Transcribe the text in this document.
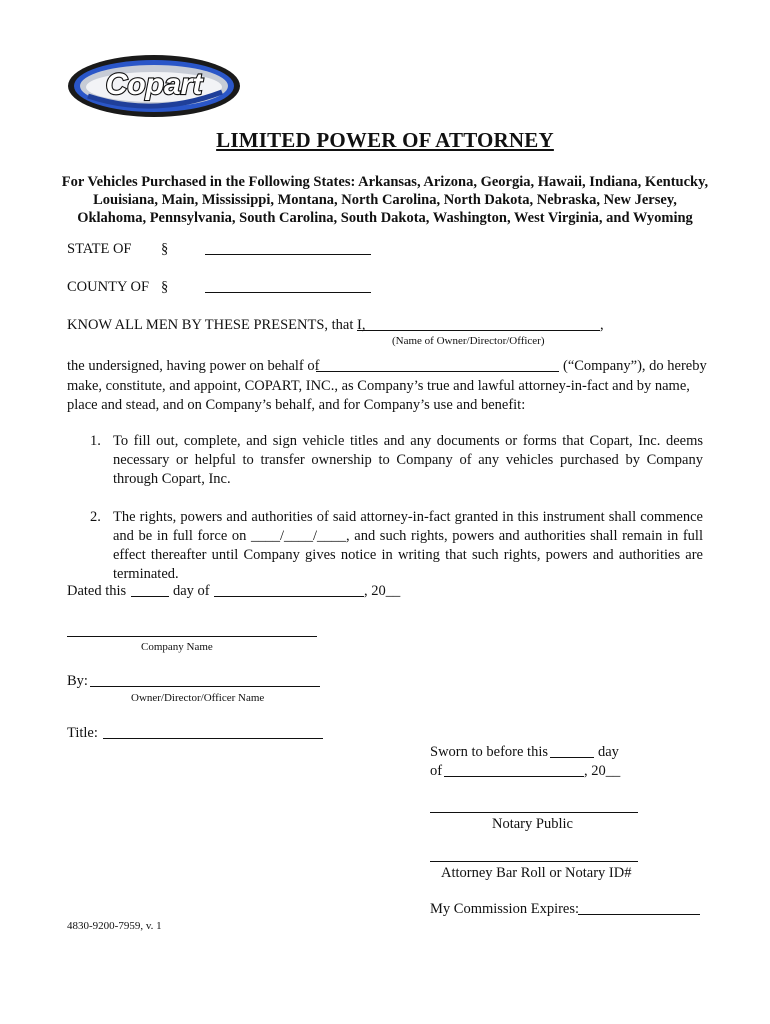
Copart
LIMITED POWER OF ATTORNEY
For Vehicles Purchased in the Following States: Arkansas, Arizona, Georgia, Hawaii, Indiana, Kentucky, Louisiana, Main, Mississippi, Montana, North Carolina, North Dakota, Nebraska, New Jersey, Oklahoma, Pennsylvania, South Carolina, South Dakota, Washington, West Virginia, and Wyoming
STATE OF §
COUNTY OF §
KNOW ALL MEN BY THESE PRESENTS, that I,	,
(Name of Owner/Director/Officer)
the undersigned, having power on behalf of	(“Company”), do hereby
make, constitute, and appoint, COPART, INC., as Company’s true and lawful attorney-in-fact and by name, place and stead, and on Company’s behalf, and for Company’s use and benefit:
1. To fill out, complete, and sign vehicle titles and any documents or forms that Copart, Inc. deems necessary or helpful to transfer ownership to Company of any vehicles purchased by Company through Copart, Inc.
2. The rights, powers and authorities of said attorney-in-fact granted in this instrument shall commence and be in full force on ____/____/____, and such rights, powers and authorities shall remain in full effect thereafter until Company gives notice in writing that such rights, powers and authorities are terminated.
Dated this	day of	, 20__
Company Name
By:
Owner/Director/Officer Name
Title:
Sworn to before this	day
of	, 20__
Notary Public
Attorney Bar Roll or Notary ID#
My Commission Expires:
4830-9200-7959, v. 1
